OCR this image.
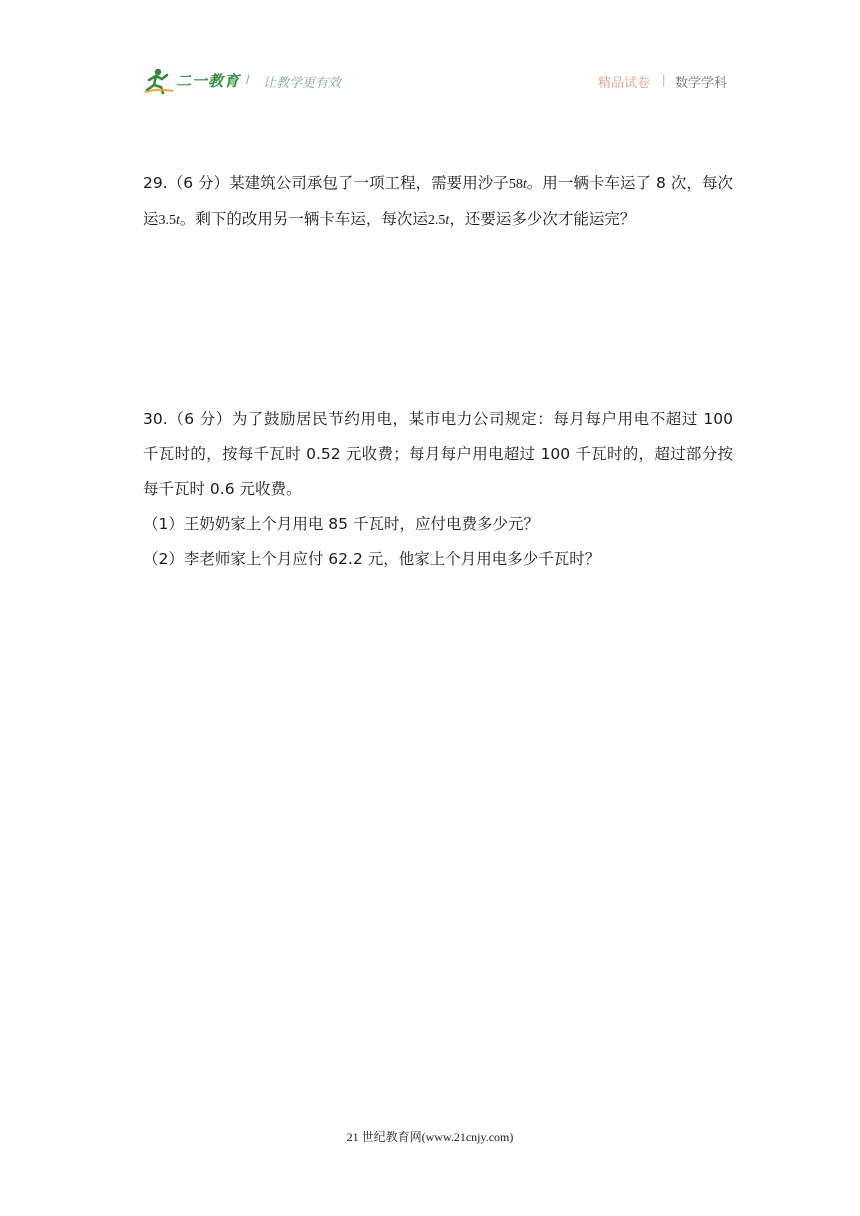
二一教育 / 让教学更有效	精品试卷 | 数学学科

29.（6 分）某建筑公司承包了一项工程，需要用沙子58t。用一辆卡车运了 8 次，每次运3.5t。剩下的改用另一辆卡车运，每次运2.5t，还要运多少次才能运完？

30.（6 分）为了鼓励居民节约用电，某市电力公司规定：每月每户用电不超过 100 千瓦时的，按每千瓦时 0.52 元收费；每月每户用电超过 100 千瓦时的，超过部分按每千瓦时 0.6 元收费。

（1）王奶奶家上个月用电 85 千瓦时，应付电费多少元？

（2）李老师家上个月应付 62.2 元，他家上个月用电多少千瓦时？

21 世纪教育网(www.21cnjy.com)
